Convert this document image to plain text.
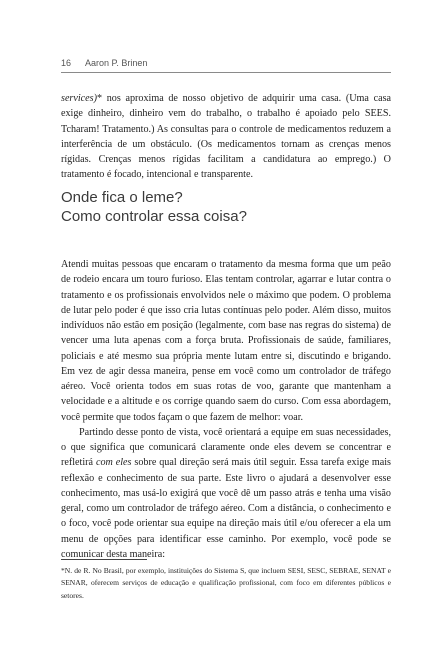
16 Aaron P. Brinen

services)* nos aproxima de nosso objetivo de adquirir uma casa. (Uma casa exige dinheiro, dinheiro vem do trabalho, o trabalho é apoiado pelo SEES. Tcharam! Tratamento.) As consultas para o controle de medicamentos reduzem a interferência de um obstáculo. (Os medicamentos tornam as crenças menos rígidas. Crenças menos rígidas facilitam a candidatura ao emprego.) O tratamento é focado, intencional e transparente.

Onde fica o leme?
Como controlar essa coisa?

Atendi muitas pessoas que encaram o tratamento da mesma forma que um peão de rodeio encara um touro furioso. Elas tentam controlar, agarrar e lutar contra o tratamento e os profissionais envolvidos nele o máximo que podem. O problema de lutar pelo poder é que isso cria lutas contínuas pelo poder. Além disso, muitos indivíduos não estão em posição (legalmente, com base nas regras do sistema) de vencer uma luta apenas com a força bruta. Profissionais de saúde, familiares, policiais e até mesmo sua própria mente lutam entre si, discutindo e brigando. Em vez de agir dessa maneira, pense em você como um controlador de tráfego aéreo. Você orienta todos em suas rotas de voo, garante que mantenham a velocidade e a altitude e os corrige quando saem do curso. Com essa abordagem, você permite que todos façam o que fazem de melhor: voar.

Partindo desse ponto de vista, você orientará a equipe em suas necessidades, o que significa que comunicará claramente onde eles devem se concentrar e refletirá com eles sobre qual direção será mais útil seguir. Essa tarefa exige mais reflexão e conhecimento de sua parte. Este livro o ajudará a desenvolver esse conhecimento, mas usá-lo exigirá que você dê um passo atrás e tenha uma visão geral, como um controlador de tráfego aéreo. Com a distância, o conhecimento e o foco, você pode orientar sua equipe na direção mais útil e/ou oferecer a ela um menu de opções para identificar esse caminho. Por exemplo, você pode se comunicar desta maneira:

*N. de R. No Brasil, por exemplo, instituições do Sistema S, que incluem SESI, SESC, SEBRAE, SENAT e SENAR, oferecem serviços de educação e qualificação profissional, com foco em diferentes públicos e setores.
